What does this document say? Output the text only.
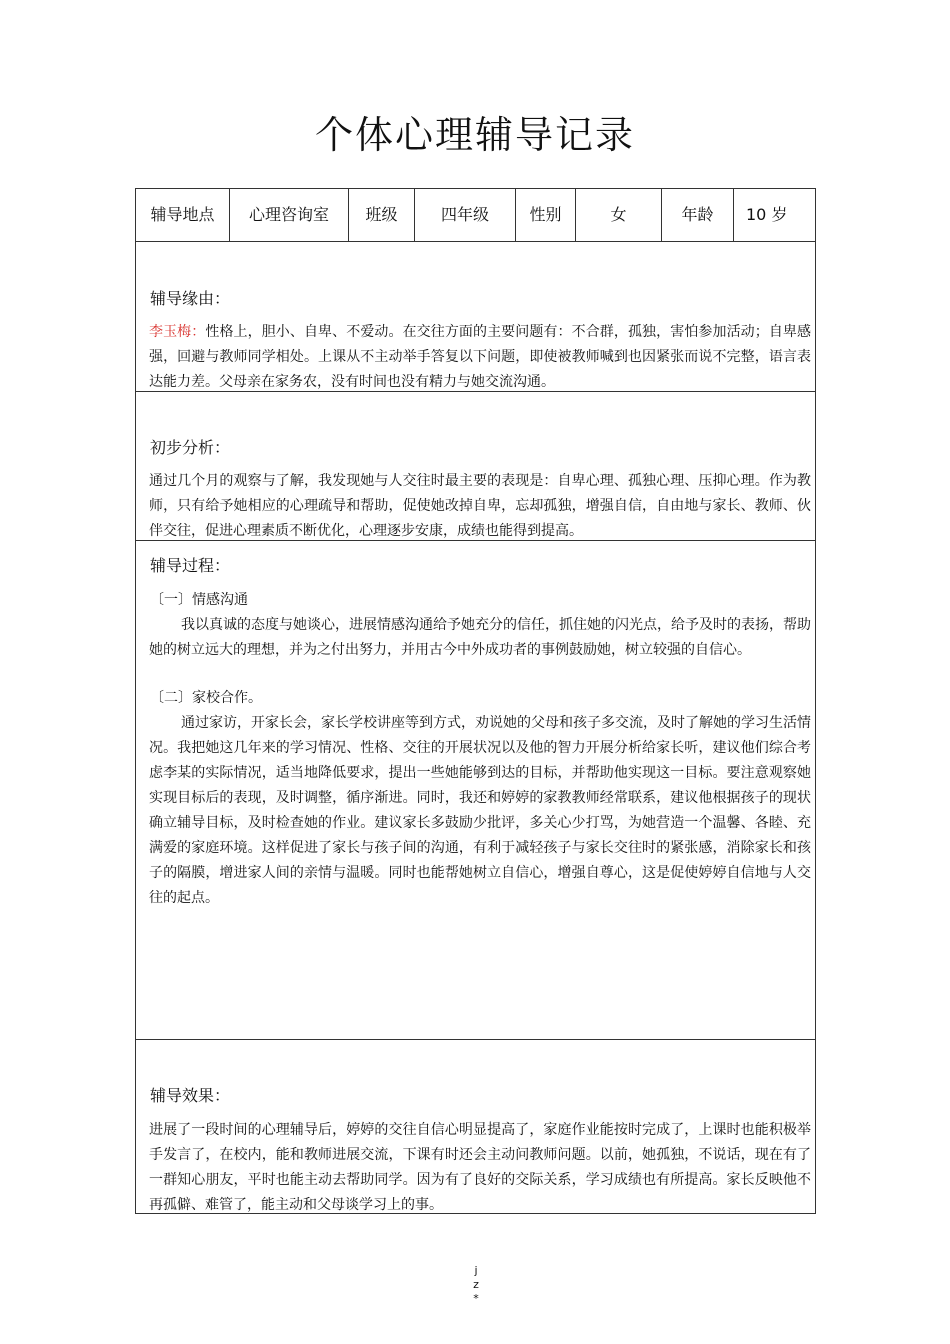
个体心理辅导记录
辅导地点	心理咨询室	班级	四年级	性别	女	年龄	10 岁
辅导缘由：
李玉梅：性格上，胆小、自卑、不爱动。在交往方面的主要问题有：不合群，孤独，害怕参加活动；自卑感强，回避与教师同学相处。上课从不主动举手答复以下问题，即使被教师喊到也因紧张而说不完整，语言表达能力差。父母亲在家务农，没有时间也没有精力与她交流沟通。
初步分析：
通过几个月的观察与了解，我发现她与人交往时最主要的表现是：自卑心理、孤独心理、压抑心理。作为教师，只有给予她相应的心理疏导和帮助，促使她改掉自卑，忘却孤独，增强自信，自由地与家长、教师、伙伴交往，促进心理素质不断优化，心理逐步安康，成绩也能得到提高。
辅导过程：
〔一〕情感沟通
我以真诚的态度与她谈心，进展情感沟通给予她充分的信任，抓住她的闪光点，给予及时的表扬，帮助她的树立远大的理想，并为之付出努力，并用古今中外成功者的事例鼓励她，树立较强的自信心。
〔二〕家校合作。
通过家访，开家长会，家长学校讲座等到方式，劝说她的父母和孩子多交流，及时了解她的学习生活情况。我把她这几年来的学习情况、性格、交往的开展状况以及他的智力开展分析给家长听，建议他们综合考虑李某的实际情况，适当地降低要求，提出一些她能够到达的目标，并帮助他实现这一目标。要注意观察她实现目标后的表现，及时调整，循序渐进。同时，我还和婷婷的家教教师经常联系，建议他根据孩子的现状确立辅导目标，及时检查她的作业。建议家长多鼓励少批评，多关心少打骂，为她营造一个温馨、各睦、充满爱的家庭环境。这样促进了家长与孩子间的沟通，有利于减轻孩子与家长交往时的紧张感，消除家长和孩子的隔膜，增进家人间的亲情与温暖。同时也能帮她树立自信心，增强自尊心，这是促使婷婷自信地与人交往的起点。
辅导效果：
进展了一段时间的心理辅导后，婷婷的交往自信心明显提高了，家庭作业能按时完成了，上课时也能积极举手发言了，在校内，能和教师进展交流，下课有时还会主动问教师问题。以前，她孤独，不说话，现在有了一群知心朋友，平时也能主动去帮助同学。因为有了良好的交际关系，学习成绩也有所提高。家长反映他不再孤僻、难管了，能主动和父母谈学习上的事。
j
z
*
